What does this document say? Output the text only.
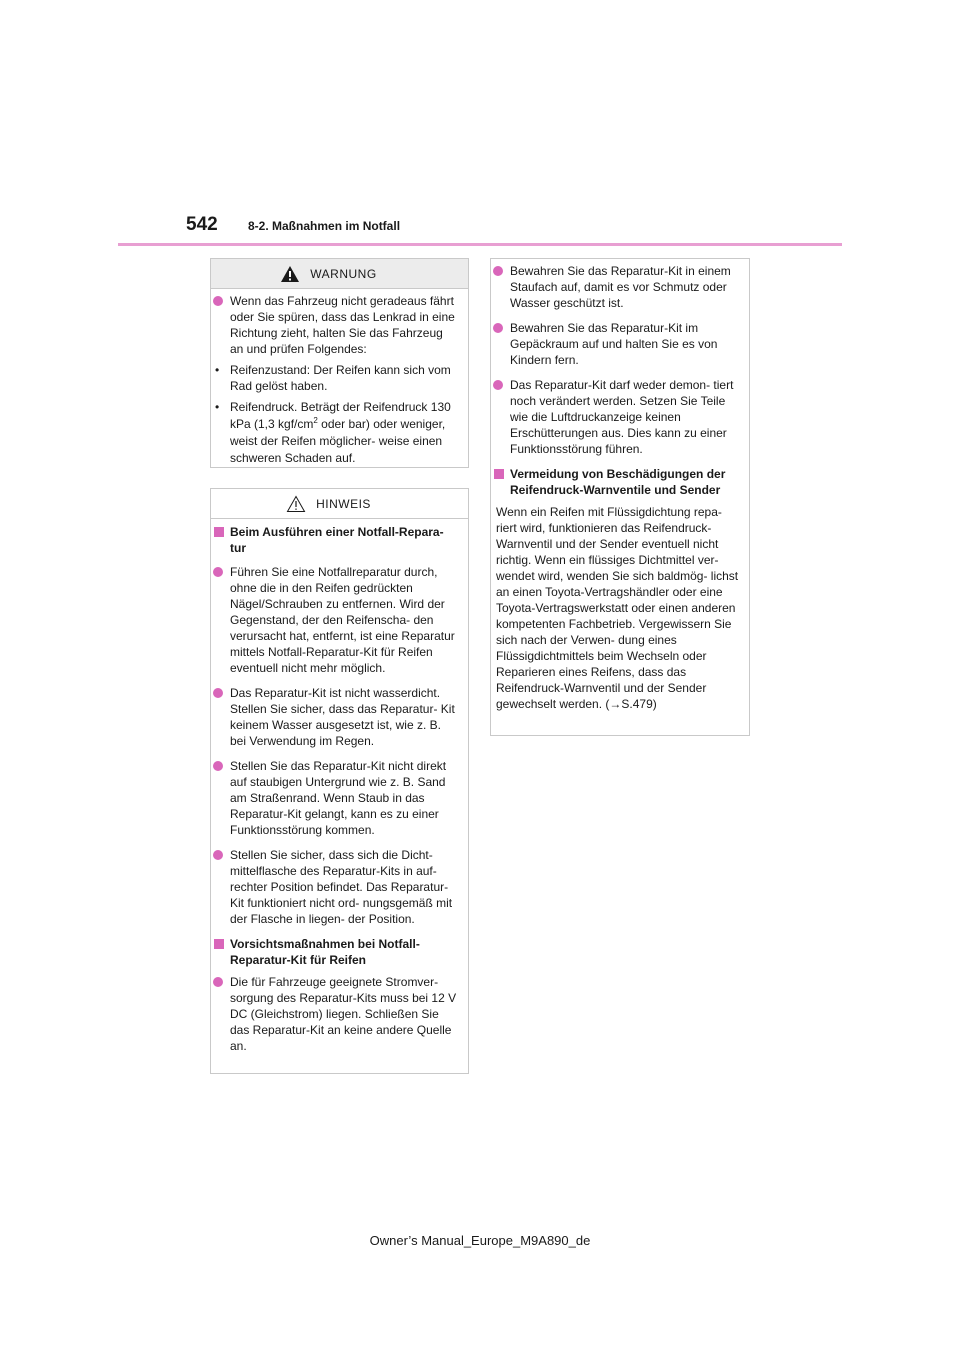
542	8-2. Maßnahmen im Notfall
WARNUNG
Wenn das Fahrzeug nicht geradeaus fährt oder Sie spüren, dass das Lenkrad in eine Richtung zieht, halten Sie das Fahrzeug an und prüfen Folgendes:
• Reifenzustand: Der Reifen kann sich vom Rad gelöst haben.
• Reifendruck. Beträgt der Reifendruck 130 kPa (1,3 kgf/$cm^2$ oder bar) oder weniger, weist der Reifen möglicher- weise einen schweren Schaden auf.
HINWEIS
Beim Ausführen einer Notfall-Repara- tur
Führen Sie eine Notfallreparatur durch, ohne die in den Reifen gedrückten Nägel/Schrauben zu entfernen. Wird der Gegenstand, der den Reifenscha- den verursacht hat, entfernt, ist eine Reparatur mittels Notfall-Reparatur-Kit für Reifen eventuell nicht mehr möglich.
Das Reparatur-Kit ist nicht wasserdicht. Stellen Sie sicher, dass das Reparatur- Kit keinem Wasser ausgesetzt ist, wie z. B. bei Verwendung im Regen.
Stellen Sie das Reparatur-Kit nicht direkt auf staubigen Untergrund wie z. B. Sand am Straßenrand. Wenn Staub in das Reparatur-Kit gelangt, kann es zu einer Funktionsstörung kommen.
Stellen Sie sicher, dass sich die Dicht- mittelflasche des Reparatur-Kits in auf- rechter Position befindet. Das Reparatur-Kit funktioniert nicht ord- nungsgemäß mit der Flasche in liegen- der Position.
Vorsichtsmaßnahmen bei Notfall- Reparatur-Kit für Reifen
Die für Fahrzeuge geeignete Stromver- sorgung des Reparatur-Kits muss bei 12 V DC (Gleichstrom) liegen. Schließen Sie das Reparatur-Kit an keine andere Quelle an.
Bewahren Sie das Reparatur-Kit in einem Staufach auf, damit es vor Schmutz oder Wasser geschützt ist.
Bewahren Sie das Reparatur-Kit im Gepäckraum auf und halten Sie es von Kindern fern.
Das Reparatur-Kit darf weder demon- tiert noch verändert werden. Setzen Sie Teile wie die Luftdruckanzeige keinen Erschütterungen aus. Dies kann zu einer Funktionsstörung führen.
Vermeidung von Beschädigungen der Reifendruck-Warnventile und Sender
Wenn ein Reifen mit Flüssigdichtung repa- riert wird, funktionieren das Reifendruck- Warnventil und der Sender eventuell nicht richtig. Wenn ein flüssiges Dichtmittel ver- wendet wird, wenden Sie sich baldmög- lichst an einen Toyota-Vertragshändler oder eine Toyota-Vertragswerkstatt oder einen anderen kompetenten Fachbetrieb. Vergewissern Sie sich nach der Verwen- dung eines Flüssigdichtmittels beim Wechseln oder Reparieren eines Reifens, dass das Reifendruck-Warnventil und der Sender gewechselt werden. (→S.479)
Owner’s Manual_Europe_M9A890_de
